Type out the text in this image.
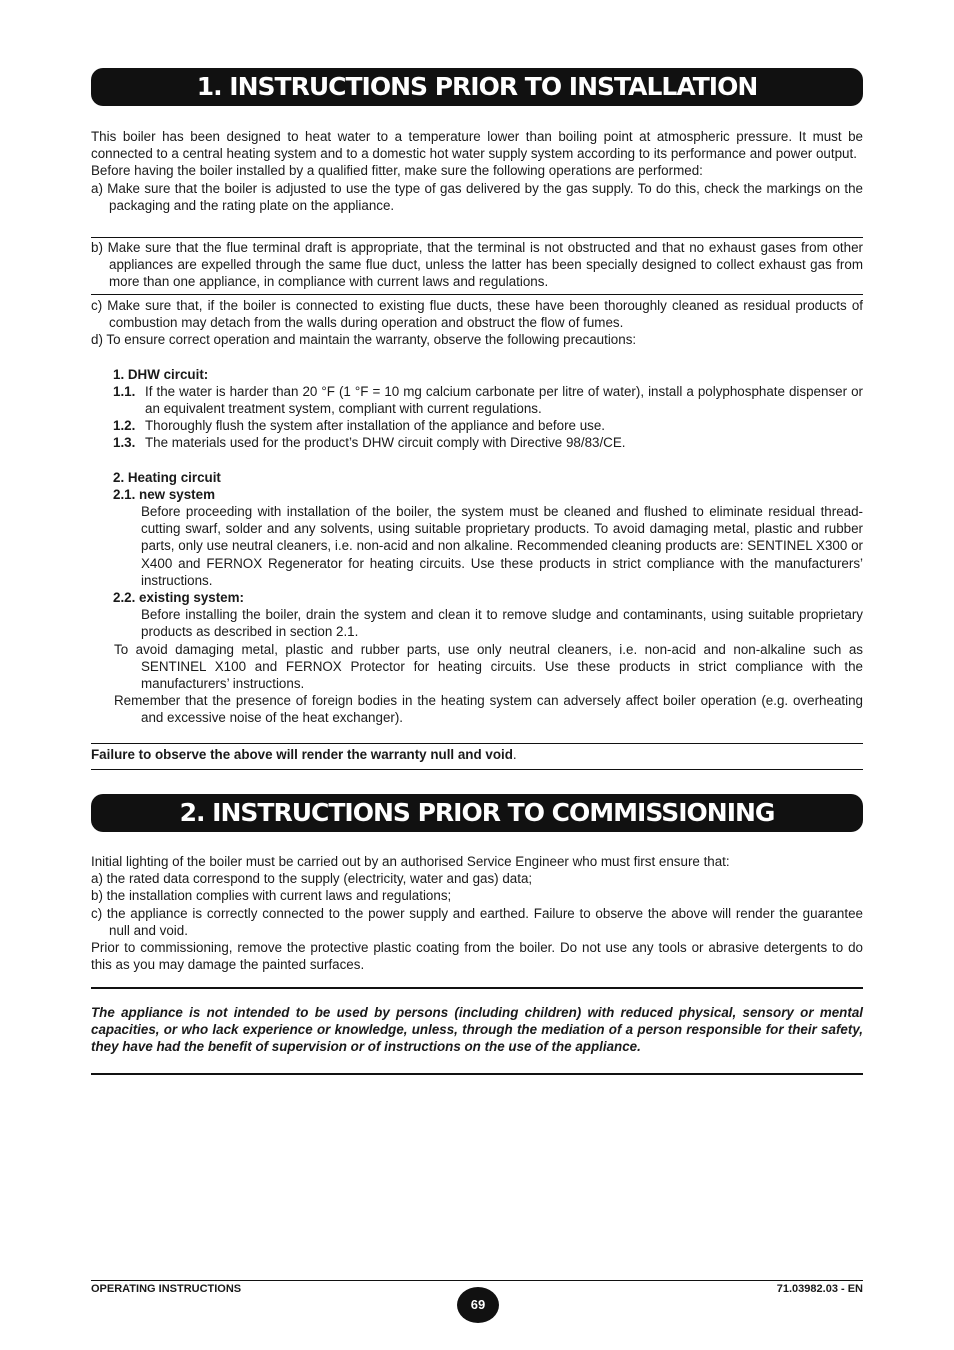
1. INSTRUCTIONS PRIOR TO INSTALLATION

This boiler has been designed to heat water to a temperature lower than boiling point at atmospheric pressure. It must be connected to a central heating system and to a domestic hot water supply system according to its performance and power output.

Before having the boiler installed by a qualified fitter, make sure the following operations are performed:

a) Make sure that the boiler is adjusted to use the type of gas delivered by the gas supply. To do this, check the markings on the packaging and the rating plate on the appliance.

b) Make sure that the flue terminal draft is appropriate, that the terminal is not obstructed and that no exhaust gases from other appliances are expelled through the same flue duct, unless the latter has been specially designed to collect exhaust gas from more than one appliance, in compliance with current laws and regulations.

c) Make sure that, if the boiler is connected to existing flue ducts, these have been thoroughly cleaned as residual products of combustion may detach from the walls during operation and obstruct the flow of fumes.

d) To ensure correct operation and maintain the warranty, observe the following precautions:

1. DHW circuit:

1.1. If the water is harder than 20 °F (1 °F = 10 mg calcium carbonate per litre of water), install a polyphosphate dispenser or an equivalent treatment system, compliant with current regulations.

1.2. Thoroughly flush the system after installation of the appliance and before use.

1.3. The materials used for the product’s DHW circuit comply with Directive 98/83/CE.

2. Heating circuit

2.1. new system

Before proceeding with installation of the boiler, the system must be cleaned and flushed to eliminate residual thread-cutting swarf, solder and any solvents, using suitable proprietary products. To avoid damaging metal, plastic and rubber parts, only use neutral cleaners, i.e. non-acid and non alkaline. Recommended cleaning products are: SENTINEL X300 or X400 and FERNOX Regenerator for heating circuits. Use these products in strict compliance with the manufacturers’ instructions.

2.2. existing system:

Before installing the boiler, drain the system and clean it to remove sludge and contaminants, using suitable proprietary products as described in section 2.1.

To avoid damaging metal, plastic and rubber parts, use only neutral cleaners, i.e. non-acid and non-alkaline such as SENTINEL X100 and FERNOX Protector for heating circuits. Use these products in strict compliance with the manufacturers’ instructions.

Remember that the presence of foreign bodies in the heating system can adversely affect boiler operation (e.g. overheating and excessive noise of the heat exchanger).

Failure to observe the above will render the warranty null and void.

2. INSTRUCTIONS PRIOR TO COMMISSIONING

Initial lighting of the boiler must be carried out by an authorised Service Engineer who must first ensure that:

a) the rated data correspond to the supply (electricity, water and gas) data;

b) the installation complies with current laws and regulations;

c) the appliance is correctly connected to the power supply and earthed. Failure to observe the above will render the guarantee null and void.

Prior to commissioning, remove the protective plastic coating from the boiler. Do not use any tools or abrasive detergents to do this as you may damage the painted surfaces.

The appliance is not intended to be used by persons (including children) with reduced physical, sensory or mental capacities, or who lack experience or knowledge, unless, through the mediation of a person responsible for their safety, they have had the benefit of supervision or of instructions on the use of the appliance.

OPERATING INSTRUCTIONS
69
71.03982.03 - EN
